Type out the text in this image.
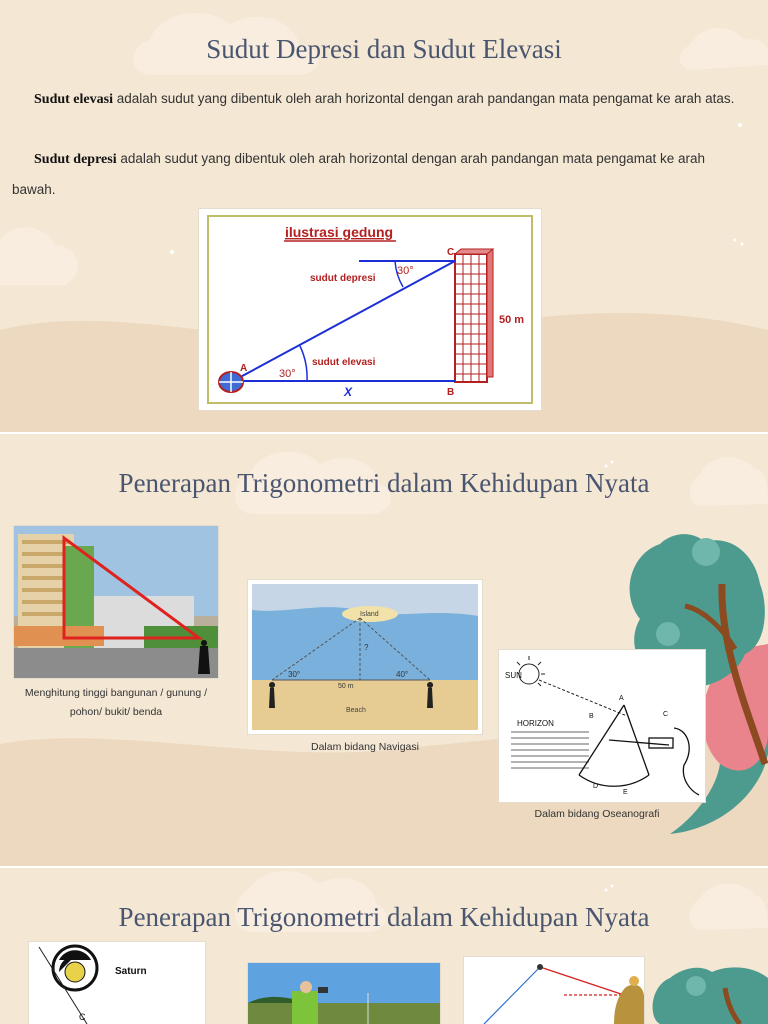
Sudut Depresi dan Sudut Elevasi

Sudut elevasi adalah sudut yang dibentuk oleh arah horizontal dengan arah pandangan mata pengamat ke arah atas.

Sudut depresi adalah sudut yang dibentuk oleh arah horizontal dengan arah pandangan mata pengamat ke arah bawah.

ilustrasi gedung
sudut depresi
sudut elevasi
30°
30°
50 m
X
A
B
C
Penerapan Trigonometri dalam Kehidupan Nyata
Menghitung tinggi bangunan / gunung / pohon/ bukit/ benda
Island
?
30°	40°
50 m
Beach
Dalam bidang Navigasi
SUN
HORIZON
A
B	C
D
E
Dalam bidang Oseanografi
Penerapan Trigonometri dalam Kehidupan Nyata
Saturn
C
